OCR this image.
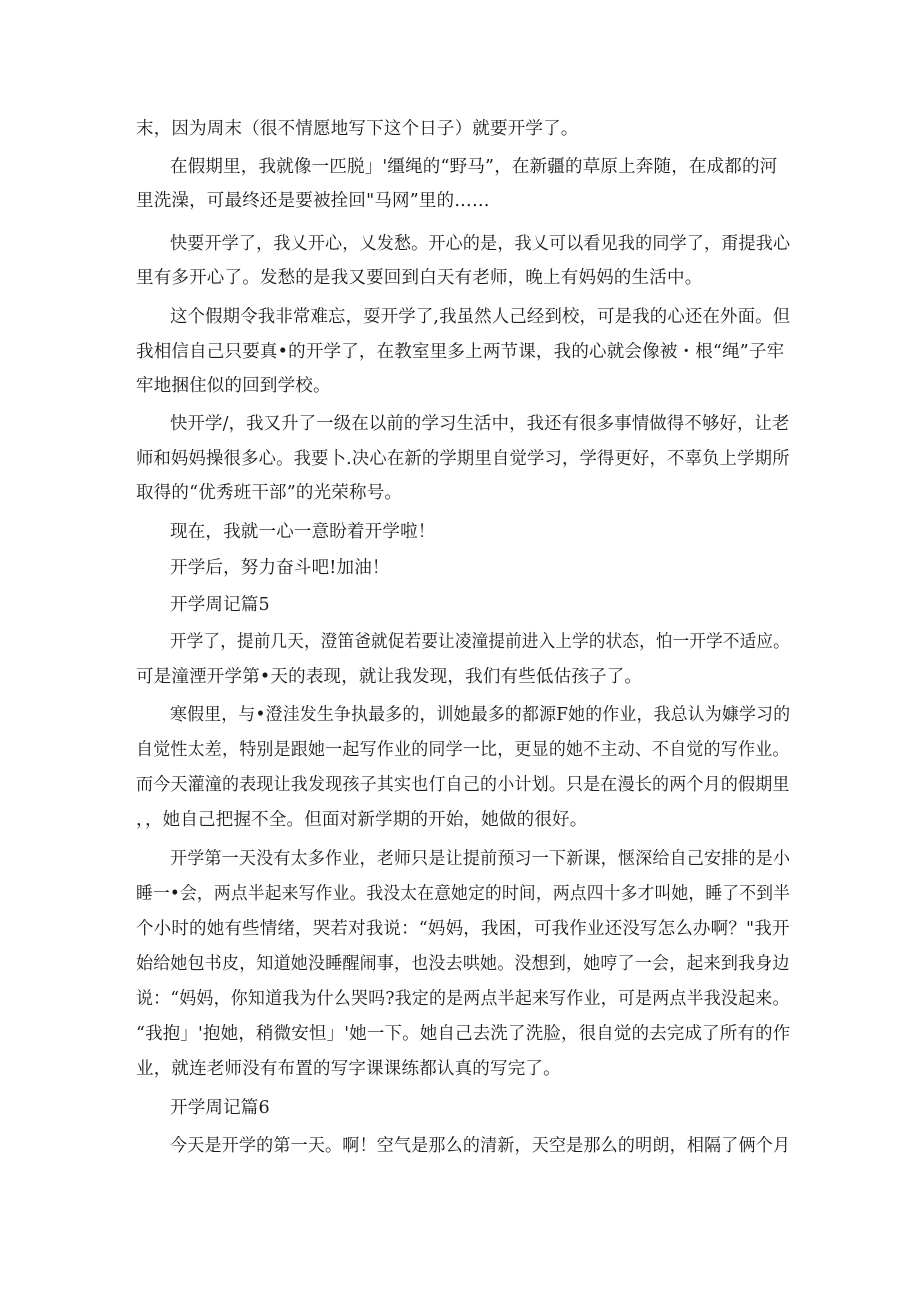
末，因为周末（很不情愿地写下这个日子）就要开学了。
在假期里，我就像一匹脱」'缰绳的“野马”，在新疆的草原上奔随，在成都的河
里洗澡，可最终还是要被拴回"马网”里的……
快要开学了，我乂开心，乂发愁。开心的是，我乂可以看见我的同学了，甭提我心
里有多开心了。发愁的是我又要回到白天有老师，晚上有妈妈的生活中。
这个假期令我非常难忘，耍开学了,我虽然人己经到校，可是我的心还在外面。但
我相信自己只要真•的开学了，在教室里多上两节课，我的心就会像被・根“绳”子牢
牢地捆住似的回到学校。
快开学/，我又升了一级在以前的学习生活中，我还有很多事情做得不够好，让老
师和妈妈操很多心。我要卜.决心在新的学期里自觉学习，学得更好，不辜负上学期所
取得的“优秀班干部”的光荣称号。
现在，我就一心一意盼着开学啦！
开学后，努力奋斗吧!加油！
开学周记篇5
开学了，提前几天，澄笛爸就促若要让凌潼提前进入上学的状态，怕一开学不适应。
可是潼湮开学第•天的表现，就让我发现，我们有些低估孩子了。
寒假里，与•澄洼发生争执最多的，训她最多的都源F她的作业，我总认为嫝学习的
自觉性太差，特别是跟她一起写作业的同学一比，更显的她不主动、不自觉的写作业。
而今天灌潼的表现让我发现孩子其实也仃自己的小计划。只是在漫长的两个月的假期里
，，她自己把握不全。但面对新学期的开始，她做的很好。
开学第一天没有太多作业，老师只是让提前预习一下新课，惬深给自己安排的是小
睡一•会，两点半起来写作业。我没太在意她定的时间，两点四十多才叫她，睡了不到半
个小时的她有些情绪，哭若对我说：“妈妈，我困，可我作业还没写怎么办啊？"我开
始给她包书皮，知道她没睡醒闹事，也没去哄她。没想到，她哼了一会，起来到我身边
说：“妈妈，你知道我为什么哭吗?我定的是两点半起来写作业，可是两点半我没起来。
“我抱」'抱她，稍微安怛」'她一下。她自己去洗了洗脸，很自觉的去完成了所有的作
业，就连老师没有布置的写字课课练都认真的写完了。
开学周记篇6
今天是开学的第一天。啊！空气是那么的清新，天空是那么的明朗，相隔了俩个月
